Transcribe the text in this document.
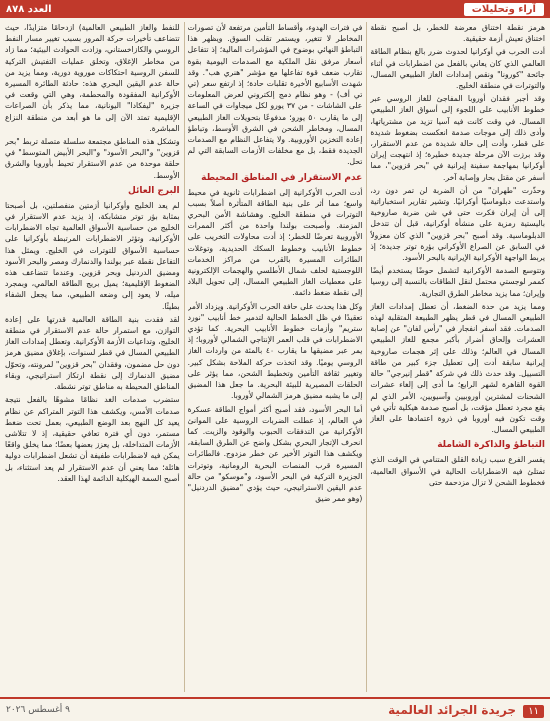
آراء وتحليلات
العدد ٨٧٨

هرمز نقطة اختناق معرضة للخطر، بل أصبح نقطة اختناق تعيش أزمة حقيقية.

أدت الحرب في أوكرانيا لحدوث ضرر بالغ بنظام الطاقة العالمي الذي كان يعاني بالفعل من اضطرابات في أثناء جائحة "كورونا" ونقص إمدادات الغاز الطبيعي المسال، والتوترات في منطقة الخليج.

وقد أجبر فقدان أوروبا المفاجئ للغاز الروسي عبر خطوط الأنابيب على اللجوء إلى أسواق الغاز الطبيعي المسال. في وقت كانت فيه آسيا تزيد من مشترياتها، وأدى ذلك إلى موجات صدمة انعكست بضغوط شديدة على قطر، وأدت إلى حالة شديدة من عدم الاستقرار، وقد برزت الآن مرحلة جديدة خطيرة؛ إذ انتهجت إيران أوكرانيا بمهاجمة سفينة إيرانية في "بحر قزوين"، مما أسفر عن مقتل بحار وإصابة آخر.

وحذّرت "طهران" من أن الضربة لن تمر دون رد، واستدعت دبلوماسيًا أوكرانيًا. وتشير تقارير استخباراتية إلى أن إيران فكرت حتى في شن ضربة صاروخية باليستية رمزية على منشأة أوكرانية، قبل أن تتدخل الدبلوماسية. وقد أصبح "بحر قزوين" الذي كان معزولاً في السابق عن الصراع الأوكراني بؤرة توتر جديدة؛ إذ يربط الواجهة الأوكرانية الإيرانية بالبحر الأسود.

وتتوسع الصدمة الأوكرانية لتشمل حوضًا يستخدم أيضًا كممر لوجستي محتمل لنقل الطاقات بالنسبة إلى روسيا وإيران؛ مما يزيد مخاطر الطرق التجارية.

ومما يزيد من حدة الضغط، أن تعطل إمدادات الغاز الطبيعي المسال في قطر يظهر الطبيعة المتقلبة لهذه الصدمات. فقد أسفر انفجار في "رأس لفان" عن إصابة العشرات وإلحاق أضرار بأكبر مجمع للغاز الطبيعي المسال في العالم؛ وذلك على إثر هجمات صاروخية إيرانية سابقة أدت إلى تعطيل جزء كبير من طاقة التسييل. وقد حدث ذلك في شركة "قطر إنيرجي" حالة القوة القاهرة لشهر الرابع؛ ما أدى إلى إلغاء عشرات الشحنات لمشترين أوروبيين وآسيويين، الأمر الذي لم يقع مجرد تعطل مؤقت، بل أصبح صدمة هيكلية تأتي في وقت تكون فيه أوروبا في ذروة اعتمادها على الغاز الطبيعي المسال.

التباطؤ والذاكرة الشاملة

يفسر الفرع سبب زيادة القلق المتنامي في الوقت الذي تمتلئ فيه الاضطرابات الحالية في الأسواق العالمية، فخطوط الشحن لا تزال مزدحمة حتى

في فترات الهدوء، وأقساط التأمين مرتفعة لأن تصورات المخاطر لا تتغير، ويستمر تقلب السوق. ويظهر هذا التباطؤ النهائي بوضوح في المؤشرات المالية؛ إذ تتفاعل أسعار مرفق نقل الملكية مع الصدمات اليومية بقوة تقارب ضعف قوة تفاعلها مع مؤشر "هنري هب". وقد شهدت الأسابيع الأخيرة تقلبات حادة؛ إذ ارتفع سعر (تي تي أف) - وهو نظام دمج إلكتروني لعرض المعلومات على الشاشات - من ٣٧ يورو لكل ميجاوات في الساعة إلى ما يقارب ٥٠ يورو؛ مدفوعًا بتحويلات الغاز الطبيعي المسال، ومخاطر الشحن في الشرق الأوسط، وتباطؤ إعادة التخزين الأوروبية. ولا يتفاعل النظام مع الصدمات الجديدة فقط، بل مع مخلفات الأزمات السابقة التي لم تحل.

عدم الاستقرار في المناطق المحيطة

أدت الحرب الأوكرانية إلى اضطرابات ثانوية في محيط واسع؛ مما أثر على بنية الطاقة المتأثرة أصلاً بسبب التوترات في منطقة الخليج. وهشاشة الأمن البحري المزمنة. وأصبحت بولندا واحدة من أكثر الممرات الأوروبية تعرضًا للخطر؛ إذ أدت محاولات التخريب على خطوط الأنابيب وخطوط السكك الحديدية، وتوغلات الطائرات المسيرة بالقرب من مراكز الخدمات اللوجستية لحلف شمال الأطلسي والهجمات الإلكترونية على معطيات الغاز الطبيعي المسال، إلى تحويل البلاد إلى نقطة ضغط دائمة.

وكل هذا يحدث على حافة الحرب الأوكرانية. ويزداد الأمر تعقيدًا في ظل الخطط الحالية لتدمير خط أنابيب "نورد ستريم" وأزمات خطوط الأنابيب البحرية. كما تؤدي الاضطرابات في قلب العمر الإنتاجي الشمالي لأوروبا؛ إذ يمر عبر مضيقها ما يقارب ٤٠ بالمئة من واردات الغاز الروسي يوميًا. وقد اتخذت حركة الملاحة بشكل كبير. وتغيير ثقافة التأمين وتخطيط الشحن، مما يؤثر على الحلقات المصيرية للبيئة البحرية. ما جعل هذا المضيق إلى ما يشبه مضيق هرمز الشمالي لأوروبا.

أما البحر الأسود، فقد أصبح أكثر أمواج الطاقة عسكرة في العالم، إذ عطلت الضربات الروسية على الموانئ الأوكرانية من التدفقات الحبوب والوقود والزيت. كما انحرف الإتجار البحري بشكل واضح عن الطرق السابقة، ويكشف هذا التوتر الأخير عن خطر مزدوج. فالطائرات المسيرة قرب المنصات البحرية الرومانية، وتوترات الجزيرة التركية في البحر الأسود، و"موسكو" من حالة عدم اليقين الاستراتيجي، حيث يؤدي "مضيق الدردنيل" (وهو ممر ضيق

للنفط والغاز الطبيعي العالمية) ازدحامًا متزايدًا، حيث تتضاعف تأخيرات حركة المرور بسبب تغيير مسار النفط الروسي والكازاخستاني، وزادت الحوادث البيئية؛ مما زاد من مخاطر الإغلاق، وتخلق عمليات التفتيش التركية للسفن الروسية احتكاكات موروية دورية، ومما يزيد من حالة عدم اليقين البحري هذه: حادثة الطائرة المسيرة الأوكرانية المفقودة والمحطمة، وهي التي وقعت في جزيرة "ليفكادا" اليونانية، مما يذكر بأن الصراعات الإقليمية تمتد الآن إلى ما هو أبعد من منطقة النزاع المباشرة.

وتشكل هذه المناطق مجتمعة سلسلة متصلة تربط "بحر قزوين" و"البحر الأسود" و"البحر الأبيض المتوسط" في حلقة موحدة من عدم الاستقرار تحيط بأوروبا والشرق الأوسط.

البرج العائل

لم يعد الخليج وأوكرانيا أزمتين منفصلتين، بل أصبحتا بمثابة بؤر توتر متشابكة، إذ يزيد عدم الاستقرار في الخليج من حساسية الأسواق العالمية تجاه الاضطرابات الأوكرانية، وتؤثر الاضطرابات المرتبطة بأوكرانيا على حساسية الأسواق للتوترات في الخليج. ويمثل هذا التفاعل نقطة عبر بولندا والدنمارك ومصر والبحر الأسود ومضيق الدردنيل وبحر قزوين. وعندما تتضاعف هذه الضغوط الإقليمية؛ يميل بريج الطاقة العالمي، وبمجرد ميله، لا يعود إلى وضعه الطبيعي، مما يجعل الشفاء بطيئًا.

لقد فقدت بنية الطاقة العالمية قدرتها على إعادة التوازن، مع استمرار حالة عدم الاستقرار في منطقة الخليج، وتداعيات الأزمة الأوكرانية. وتعطل إمدادات الغاز الطبيعي المسال في قطر لسنوات، بإغلاق مضيق هرمز دون حل مضمون، وفقدان "بحر قزوين" لمرونته، وتحوّل مضيق الدنمارك إلى نقطة ارتكاز استراتيجي، وبقاء المناطق المحيطة به مناطق توتر نشطة.

ستضرب صدمات الغد نظامًا مشوهًا بالفعل نتيجة صدمات الأمس، ويكشف هذا التوتر المتراكم عن نظام يعيد كل النهج بعد الوضع الطبيعي، بعمل تحت ضغط مستمر، دون أي فترة تعافي حقيقية، إذ لا تتلاشى الأزمات المتداخلة، بل يعزز بعضها بعضًا؛ مما يخلق واقعًا يمكن فيه لاضطرابات طفيفة أن تشعل اضطرابات دولية هائلة؛ مما يعني أن عدم الاستقرار لم يعد استثناء، بل أصبح السمة الهيكلية الدائمة لهذا العقد.

١١ جريدة الجرائد العالمية
٩ أغسطس ٢٠٢٦
